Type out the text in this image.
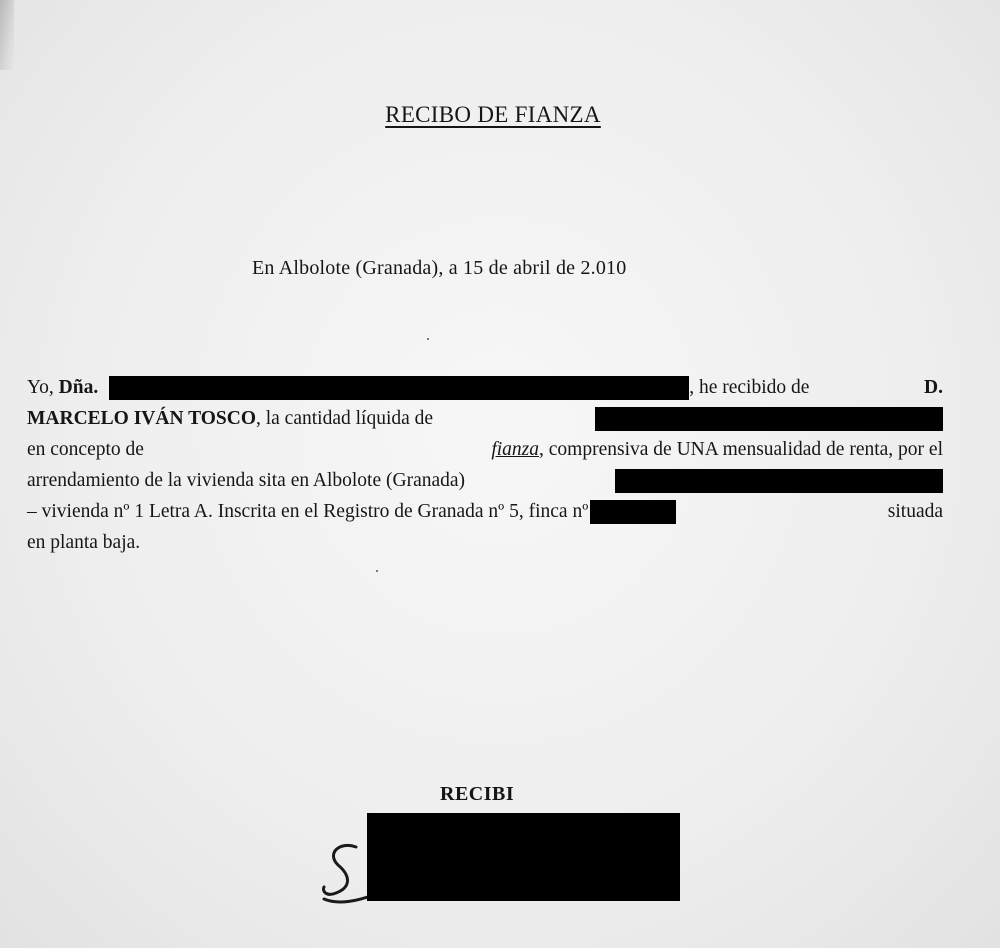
RECIBO DE FIANZA
En Albolote (Granada), a 15 de abril de 2.010
Yo,
Dña.	, he recibido de	D.
MARCELO IVÁN TOSCO , la cantidad líquida de
en concepto de	fianza, comprensiva de UNA mensualidad de renta, por el
arrendamiento de la vivienda sita en Albolote (Granada)
– vivienda nº 1 Letra A. Inscrita en el Registro de Granada nº 5, finca nº	situada
en planta baja.
RECIBI
